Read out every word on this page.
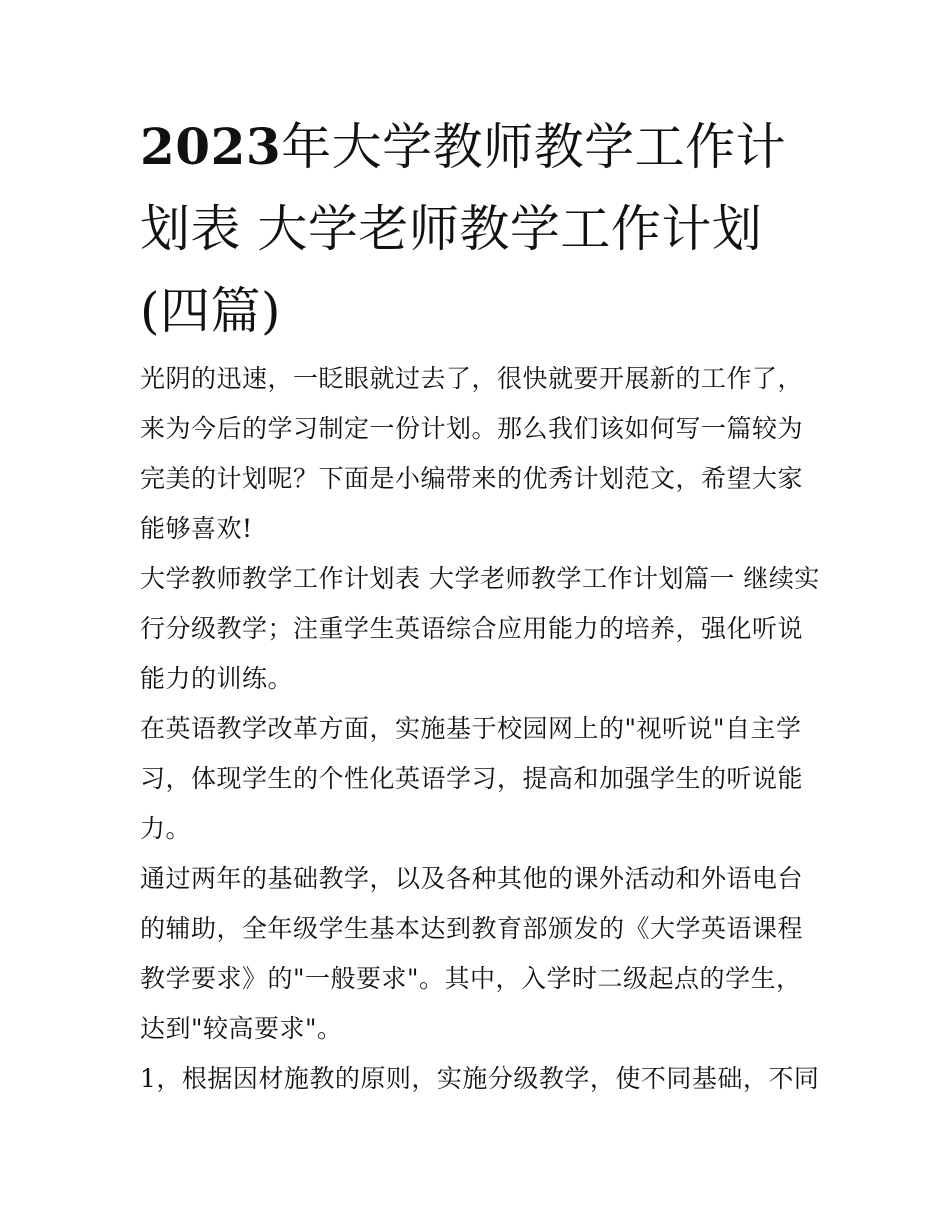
2023年大学教师教学工作计划表 大学老师教学工作计划(四篇)

光阴的迅速，一眨眼就过去了，很快就要开展新的工作了，来为今后的学习制定一份计划。那么我们该如何写一篇较为完美的计划呢？下面是小编带来的优秀计划范文，希望大家能够喜欢!

大学教师教学工作计划表 大学老师教学工作计划篇一 继续实行分级教学；注重学生英语综合应用能力的培养，强化听说能力的训练。

在英语教学改革方面，实施基于校园网上的"视听说"自主学习，体现学生的个性化英语学习，提高和加强学生的听说能力。

通过两年的基础教学，以及各种其他的课外活动和外语电台的辅助，全年级学生基本达到教育部颁发的《大学英语课程教学要求》的"一般要求"。其中，入学时二级起点的学生，达到"较高要求"。

1，根据因材施教的原则，实施分级教学，使不同基础，不同
